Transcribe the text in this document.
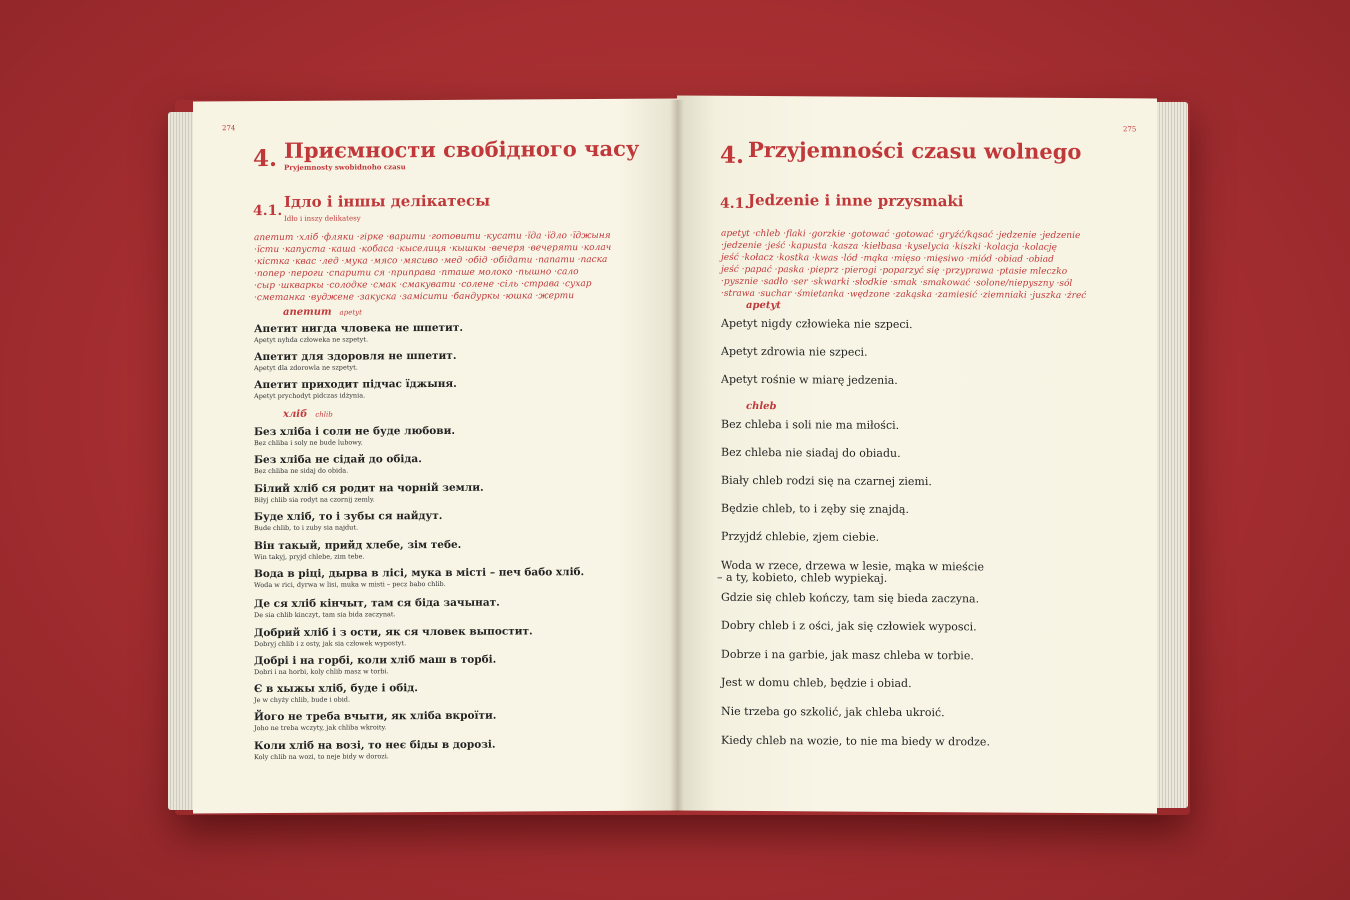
274
4. Приємности свобідного часу
Pryjemnosty swobidnoho czasu
4.1.
Ідло і іншы делікатесы
Idło i inszy delikatesy
апетит ·хліб ·фляки ·гірке ·варити ·готовити ·кусати ·їда ·їдло ·їджыня
·їсти ·капуста ·каша ·кобаса ·кыселиця ·кышкы ·вечеря ·вечеряти ·колач
·кістка ·квас ·лед ·мука ·мясо ·мясиво ·мед ·обід ·обідати ·папати ·паска
·попер ·пероги ·спарити ся ·приправа ·пташе молоко ·пышно ·сало
·сыр ·шкваркы ·солодке ·смак ·смакувати ·солене ·сіль ·страва ·сухар
·сметанка ·вуджене ·закуска ·замісити ·бандуркы ·юшка ·жерти
апетит apetyt
Апетит нигда чловека не шпетит.
Apetyt nyhda człoweka ne szpetyt.
Апетит для здоровля не шпетит.
Apetyt dla zdorowla ne szpetyt.
Апетит приходит підчас їджыня.
Apetyt prychodyt pidczas idżynia.
хліб chlib
Без хліба і соли не буде любови.
Bez chliba i soly ne bude lubowy.
Без хліба не сідай до обіда.
Bez chliba ne sidaj do obida.
Білий хліб ся родит на чорній земли.
Biłyj chlib sia rodyt na czornij zemly.
Буде хліб, то і зубы ся найдут.
Bude chlib, to i zuby sia najdut.
Він такый, прийд хлебе, зім тебе.
Win takyj, pryjd chlebe, zim tebe.
Вода в ріці, дырва в лісі, мука в місті – печ бабо хліб.
Woda w rici, dyrwa w lisi, muka w misti – pecz babo chlib.
Де ся хліб кінчыт, там ся біда зачынат.
De sia chlib kinczyt, tam sia bida zaczynat.
Добрий хліб і з ости, як ся чловек выпостит.
Dobryj chlib i z osty, jak sia człowek wypostyt.
Добрі і на горбі, коли хліб маш в торбі.
Dobri i na horbi, koly chlib masz w torbi.
Є в хыжы хліб, буде і обід.
Je w chyży chlib, bude i obid.
Його не треба вчыти, як хліба вкроїти.
Joho ne treba wczyty, jak chliba wkroity.
Коли хліб на возі, то неє біды в дорозі.
Koly chlib na wozi, to neje bidy w dorozi.
275
4. Przyjemności czasu wolnego
4.1.
Jedzenie i inne przysmaki
apetyt ·chleb ·flaki ·gorzkie ·gotować ·gotować ·gryźć/kąsać ·jedzenie ·jedzenie
·jedzenie ·jeść ·kapusta ·kasza ·kiełbasa ·kyselycia ·kiszki ·kolacja ·kolację
jeść ·kołacz ·kostka ·kwas ·lód ·mąka ·mięso ·mięsiwo ·miód ·obiad ·obiad
jeść ·papać ·paska ·pieprz ·pierogi ·poparzyć się ·przyprawa ·ptasie mleczko
·pysznie ·sadło ·ser ·skwarki ·słodkie ·smak ·smakować ·solone/niepyszny ·sól
·strawa ·suchar ·śmietanka ·wędzone ·zakąska ·zamiesić ·ziemniaki ·juszka ·żreć
apetyt
Apetyt nigdy człowieka nie szpeci.
Apetyt zdrowia nie szpeci.
Apetyt rośnie w miarę jedzenia.
chleb
Bez chleba i soli nie ma miłości.
Bez chleba nie siadaj do obiadu.
Biały chleb rodzi się na czarnej ziemi.
Będzie chleb, to i zęby się znajdą.
Przyjdź chlebie, zjem ciebie.
Woda w rzece, drzewa w lesie, mąka w mieście
– a ty, kobieto, chleb wypiekaj.
Gdzie się chleb kończy, tam się bieda zaczyna.
Dobry chleb i z ości, jak się człowiek wyposci.
Dobrze i na garbie, jak masz chleba w torbie.
Jest w domu chleb, będzie i obiad.
Nie trzeba go szkolić, jak chleba ukroić.
Kiedy chleb na wozie, to nie ma biedy w drodze.
